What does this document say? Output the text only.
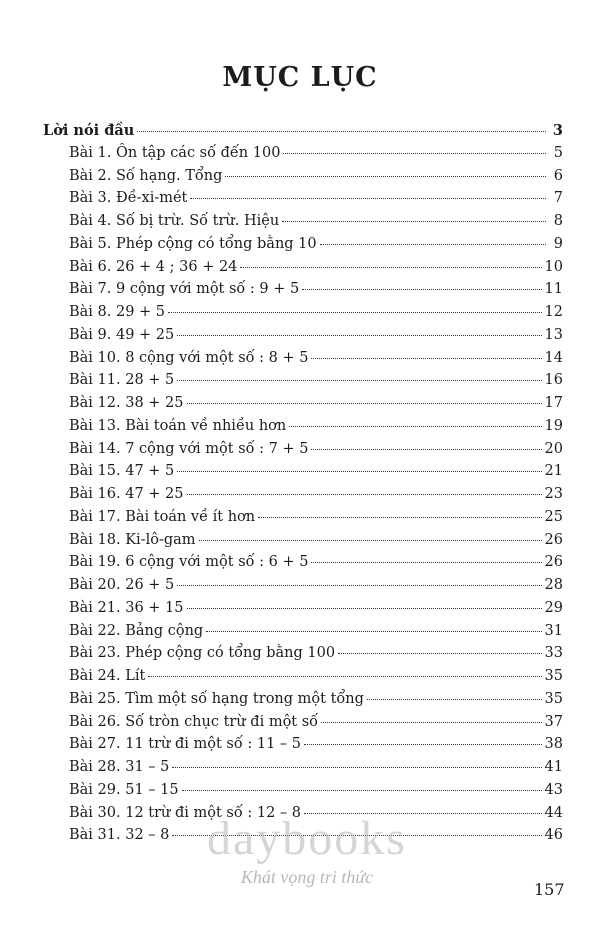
MỤC LỤC
Lời nói đầu	3
Bài 1. Ôn tập các số đến 100	5
Bài 2. Số hạng. Tổng	6
Bài 3. Đề-xi-mét	7
Bài 4. Số bị trừ. Số trừ. Hiệu	8
Bài 5. Phép cộng có tổng bằng 10	9
Bài 6. 26 + 4 ; 36 + 24	10
Bài 7. 9 cộng với một số : 9 + 5	11
Bài 8. 29 + 5	12
Bài 9. 49 + 25	13
Bài 10. 8 cộng với một số : 8 + 5	14
Bài 11. 28 + 5	16
Bài 12. 38 + 25	17
Bài 13. Bài toán về nhiều hơn	19
Bài 14. 7 cộng với một số : 7 + 5	20
Bài 15. 47 + 5	21
Bài 16. 47 + 25	23
Bài 17. Bài toán về ít hơn	25
Bài 18. Ki-lô-gam	26
Bài 19. 6 cộng với một số : 6 + 5	26
Bài 20. 26 + 5	28
Bài 21. 36 + 15	29
Bài 22. Bảng cộng	31
Bài 23. Phép cộng có tổng bằng 100	33
Bài 24. Lít	35
Bài 25. Tìm một số hạng trong một tổng	35
Bài 26. Số tròn chục trừ đi một số	37
Bài 27. 11 trừ đi một số : 11 – 5	38
Bài 28. 31 – 5	41
Bài 29. 51 – 15	43
Bài 30. 12 trừ đi một số : 12 – 8	44
Bài 31. 32 – 8	46
daybooks
Khát vọng tri thức
157
